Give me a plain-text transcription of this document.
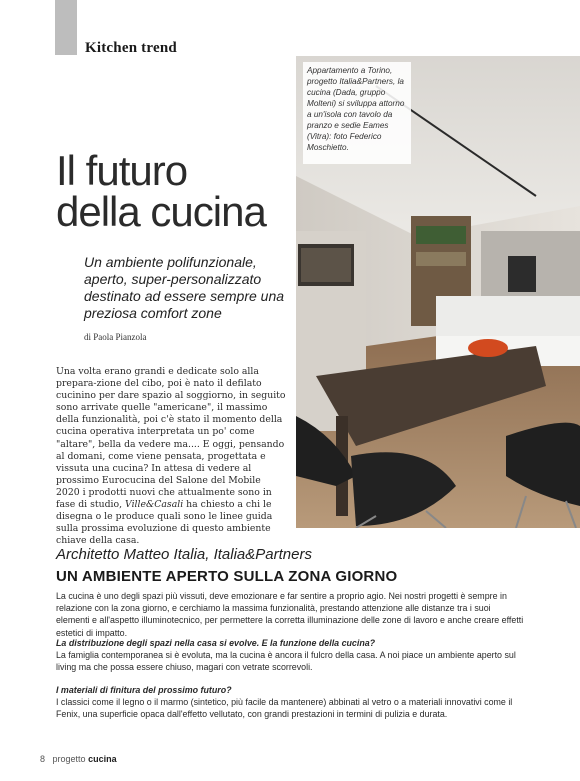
Kitchen trend
Appartamento a Torino, progetto Italia&Partners, la cucina (Dada, gruppo Molteni) si sviluppa attorno a un'isola con tavolo da pranzo e sedie Eames (Vitra): foto Federico Moschietto.
Il futuro
della cucina
Un ambiente polifunzionale, aperto, super-personalizzato destinato ad essere sempre una preziosa comfort zone
di Paola Pianzola
Una volta erano grandi e dedicate solo alla prepara-zione del cibo, poi è nato il defilato cucinino per dare spazio al soggiorno, in seguito sono arrivate quelle "americane", il massimo della funzionalità, poi c'è stato il momento della cucina operativa interpretata un po' come "altare", bella da vedere ma.... E oggi, pensando al domani, come viene pensata, progettata e vissuta una cucina? In attesa di vedere al prossimo Eurocucina del Salone del Mobile 2020 i prodotti nuovi che attualmente sono in fase di studio, Ville&Casali ha chiesto a chi le disegna o le produce quali sono le linee guida sulla prossima evoluzione di questo ambiente chiave della casa.
Architetto Matteo Italia, Italia&Partners
UN AMBIENTE APERTO SULLA ZONA GIORNO
La cucina è uno degli spazi più vissuti, deve emozionare e far sentire a proprio agio. Nei nostri progetti è sempre in relazione con la zona giorno, e cerchiamo la massima funzionalità, prestando attenzione alle distanze tra i suoi elementi e all'aspetto illuminotecnico, per permettere la corretta illuminazione delle zone di lavoro e anche creare effetti estetici di impatto.
La distribuzione degli spazi nella casa si evolve. E la funzione della cucina?
La famiglia contemporanea si è evoluta, ma la cucina è ancora il fulcro della casa. A noi piace un ambiente aperto sul living ma che possa essere chiuso, magari con vetrate scorrevoli.
I materiali di finitura del prossimo futuro?
I classici come il legno o il marmo (sintetico, più facile da mantenere) abbinati al vetro o a materiali innovativi come il Fenix, una superficie opaca dall'effetto vellutato, con grandi prestazioni in termini di pulizia e durata.
8 progetto cucina
